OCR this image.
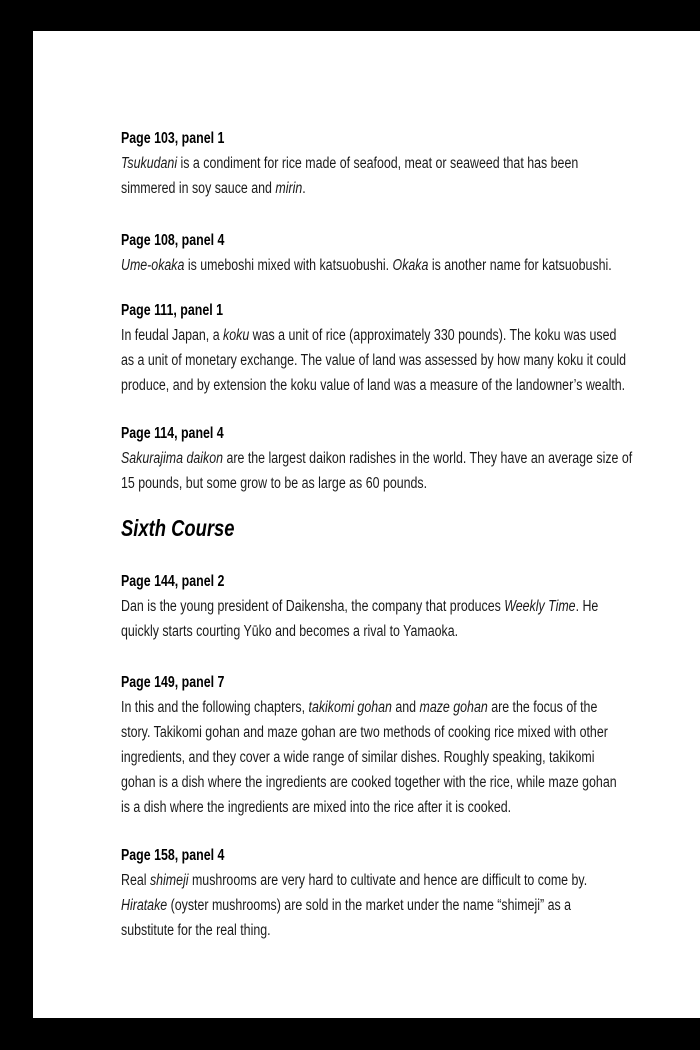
Sixth Course
Page 103, panel 1
Tsukudani is a condiment for rice made of seafood, meat or seaweed that has been
simmered in soy sauce and mirin.
Page 108, panel 4
Ume-okaka is umeboshi mixed with katsuobushi. Okaka is another name for katsuobushi.
Page 111, panel 1
In feudal Japan, a koku was a unit of rice (approximately 330 pounds). The koku was used
as a unit of monetary exchange. The value of land was assessed by how many koku it could
produce, and by extension the koku value of land was a measure of the landowner’s wealth.
Page 114, panel 4
Sakurajima daikon are the largest daikon radishes in the world. They have an average size of
15 pounds, but some grow to be as large as 60 pounds.
Page 144, panel 2
Dan is the young president of Daikensha, the company that produces Weekly Time. He
quickly starts courting Yūko and becomes a rival to Yamaoka.
Page 149, panel 7
In this and the following chapters, takikomi gohan and maze gohan are the focus of the
story. Takikomi gohan and maze gohan are two methods of cooking rice mixed with other
ingredients, and they cover a wide range of similar dishes. Roughly speaking, takikomi
gohan is a dish where the ingredients are cooked together with the rice, while maze gohan
is a dish where the ingredients are mixed into the rice after it is cooked.
Page 158, panel 4
Real shimeji mushrooms are very hard to cultivate and hence are difficult to come by.
Hiratake (oyster mushrooms) are sold in the market under the name “shimeji” as a
substitute for the real thing.
